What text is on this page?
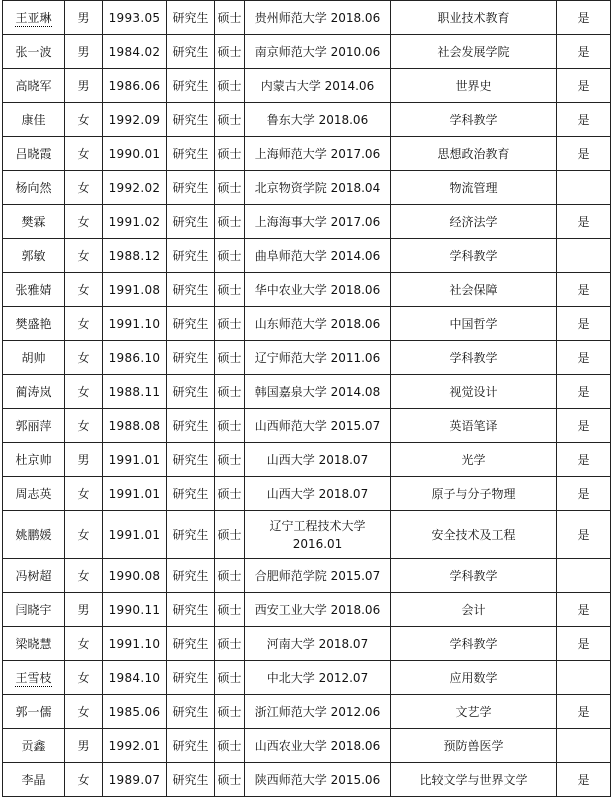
王亚琳	男	1993.05	研究生	硕士	贵州师范大学 2018.06	职业技术教育	是
张一波	男	1984.02	研究生	硕士	南京师范大学 2010.06	社会发展学院	是
高晓军	男	1986.06	研究生	硕士	内蒙古大学 2014.06	世界史	是
康佳	女	1992.09	研究生	硕士	鲁东大学 2018.06	学科教学	是
吕晓霞	女	1990.01	研究生	硕士	上海师范大学 2017.06	思想政治教育	是
杨向然	女	1992.02	研究生	硕士	北京物资学院 2018.04	物流管理	
樊霖	女	1991.02	研究生	硕士	上海海事大学 2017.06	经济法学	是
郭敏	女	1988.12	研究生	硕士	曲阜师范大学 2014.06	学科教学	
张雅婧	女	1991.08	研究生	硕士	华中农业大学 2018.06	社会保障	是
樊盛艳	女	1991.10	研究生	硕士	山东师范大学 2018.06	中国哲学	是
胡帅	女	1986.10	研究生	硕士	辽宁师范大学 2011.06	学科教学	是
蔺涛岚	女	1988.11	研究生	硕士	韩国嘉泉大学 2014.08	视觉设计	是
郭丽萍	女	1988.08	研究生	硕士	山西师范大学 2015.07	英语笔译	是
杜京帅	男	1991.01	研究生	硕士	山西大学 2018.07	光学	是
周志英	女	1991.01	研究生	硕士	山西大学 2018.07	原子与分子物理	是
姚鹏媛	女	1991.01	研究生	硕士	辽宁工程技术大学 2016.01	安全技术及工程	是
冯树超	女	1990.08	研究生	硕士	合肥师范学院 2015.07	学科教学	
闫晓宇	男	1990.11	研究生	硕士	西安工业大学 2018.06	会计	是
梁晓慧	女	1991.10	研究生	硕士	河南大学 2018.07	学科教学	是
王雪枝	女	1984.10	研究生	硕士	中北大学 2012.07	应用数学	
郭一儒	女	1985.06	研究生	硕士	浙江师范大学 2012.06	文艺学	是
贡鑫	男	1992.01	研究生	硕士	山西农业大学 2018.06	预防兽医学	
李晶	女	1989.07	研究生	硕士	陕西师范大学 2015.06	比较文学与世界文学	是
